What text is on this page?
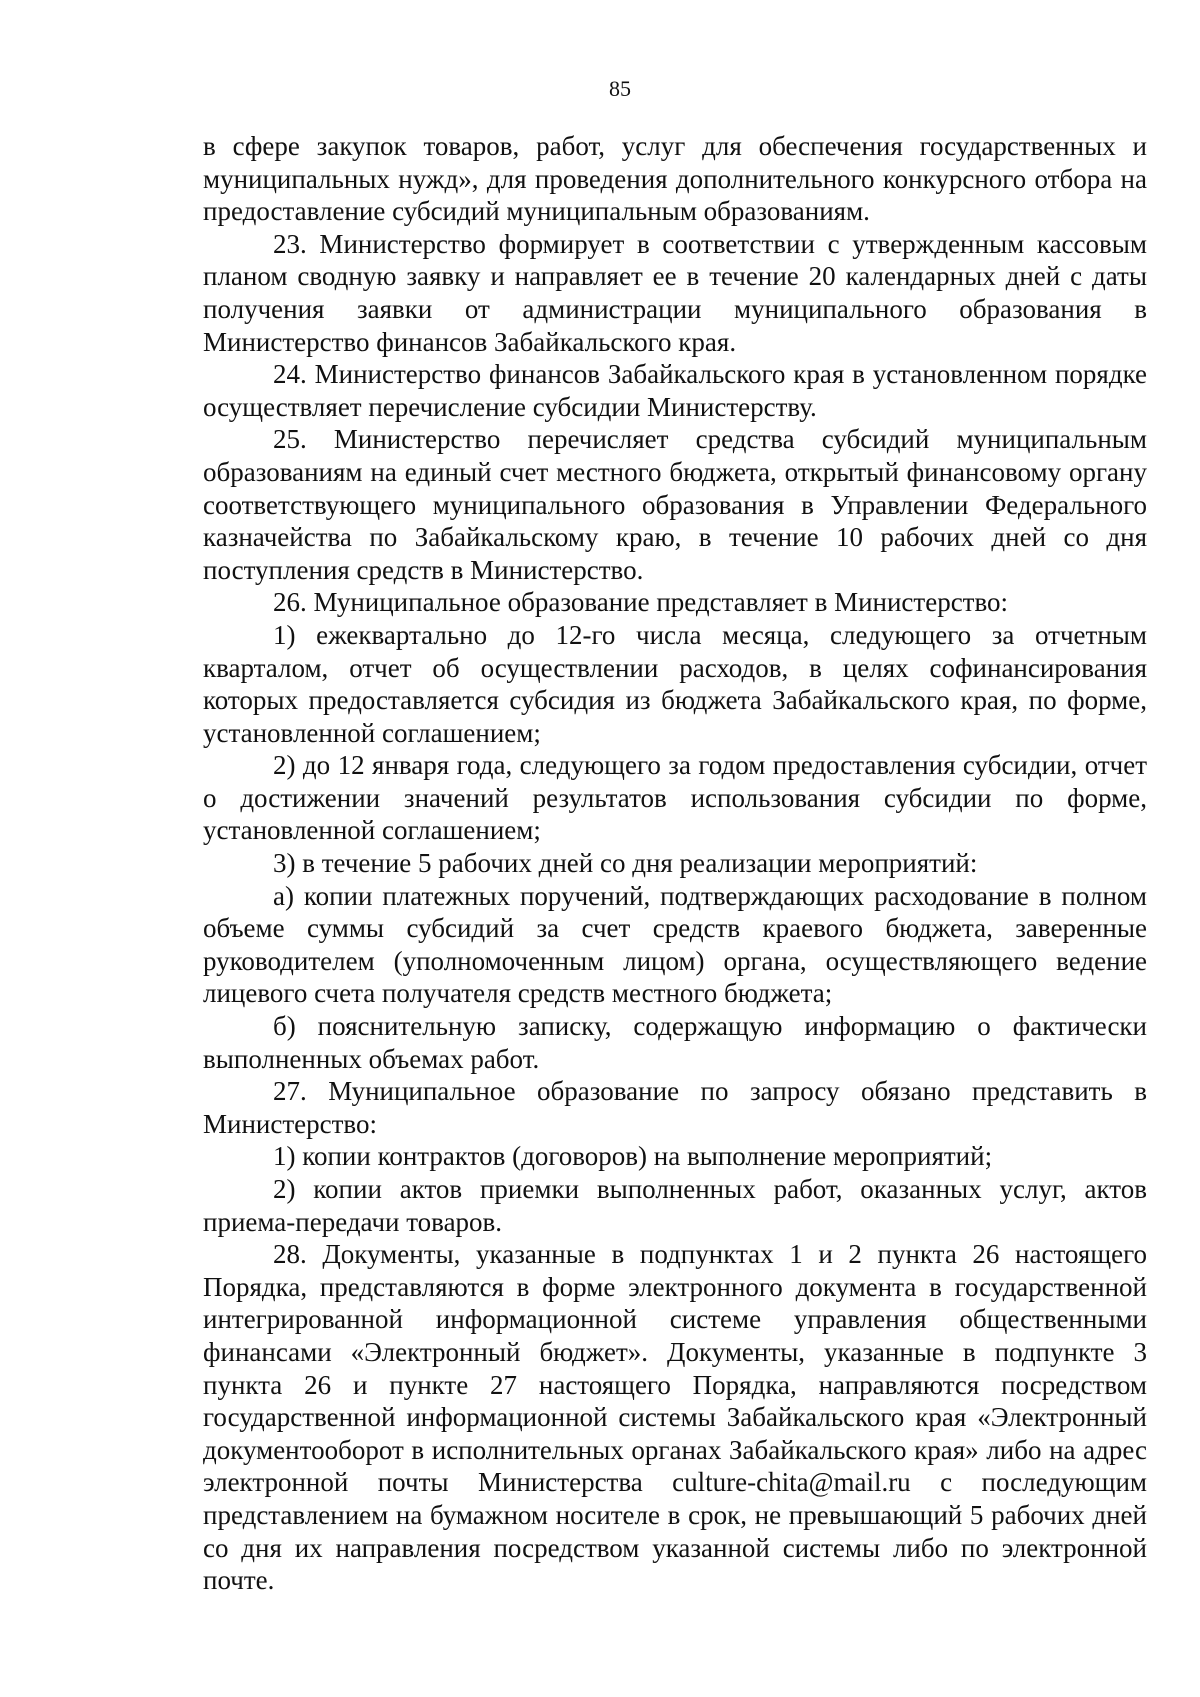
85

в сфере закупок товаров, работ, услуг для обеспечения государственных и муниципальных нужд», для проведения дополнительного конкурсного отбора на предоставление субсидий муниципальным образованиям.

23. Министерство формирует в соответствии с утвержденным кассовым планом сводную заявку и направляет ее в течение 20 календарных дней с даты получения заявки от администрации муниципального образования в Министерство финансов Забайкальского края.

24. Министерство финансов Забайкальского края в установленном порядке осуществляет перечисление субсидии Министерству.

25. Министерство перечисляет средства субсидий муниципальным образованиям на единый счет местного бюджета, открытый финансовому органу соответствующего муниципального образования в Управлении Федерального казначейства по Забайкальскому краю, в течение 10 рабочих дней со дня поступления средств в Министерство.

26. Муниципальное образование представляет в Министерство:

1) ежеквартально до 12-го числа месяца, следующего за отчетным кварталом, отчет об осуществлении расходов, в целях софинансирования которых предоставляется субсидия из бюджета Забайкальского края, по форме, установленной соглашением;

2) до 12 января года, следующего за годом предоставления субсидии, отчет о достижении значений результатов использования субсидии по форме, установленной соглашением;

3) в течение 5 рабочих дней со дня реализации мероприятий:

а) копии платежных поручений, подтверждающих расходование в полном объеме суммы субсидий за счет средств краевого бюджета, заверенные руководителем (уполномоченным лицом) органа, осуществляющего ведение лицевого счета получателя средств местного бюджета;

б) пояснительную записку, содержащую информацию о фактически выполненных объемах работ.

27. Муниципальное образование по запросу обязано представить в Министерство:

1) копии контрактов (договоров) на выполнение мероприятий;

2) копии актов приемки выполненных работ, оказанных услуг, актов приема-передачи товаров.

28. Документы, указанные в подпунктах 1 и 2 пункта 26 настоящего Порядка, представляются в форме электронного документа в государственной интегрированной информационной системе управления общественными финансами «Электронный бюджет». Документы, указанные в подпункте 3 пункта 26 и пункте 27 настоящего Порядка, направляются посредством государственной информационной системы Забайкальского края «Электронный документооборот в исполнительных органах Забайкальского края» либо на адрес электронной почты Министерства culture-chita@mail.ru с последующим представлением на бумажном носителе в срок, не превышающий 5 рабочих дней со дня их направления посредством указанной системы либо по электронной почте.
